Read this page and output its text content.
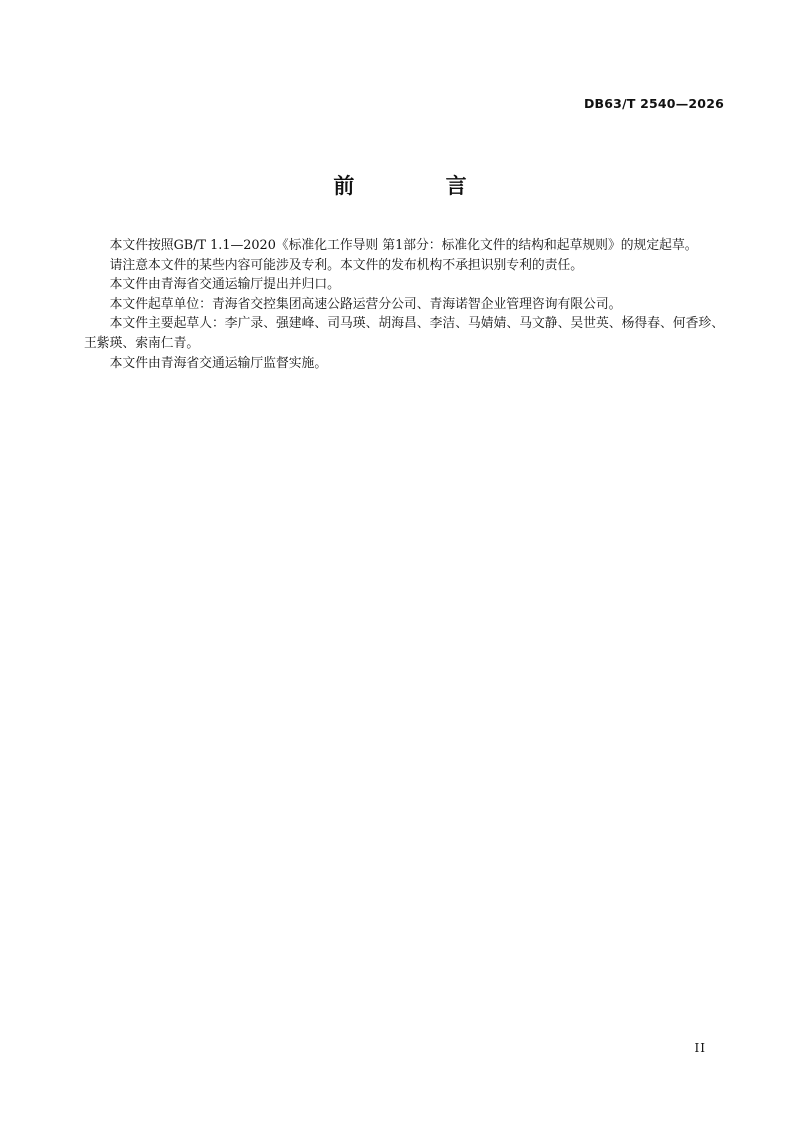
DB63/T 2540—2026
前 言

本文件按照GB/T 1.1—2020《标准化工作导则 第1部分：标准化文件的结构和起草规则》的规定起草。

请注意本文件的某些内容可能涉及专利。本文件的发布机构不承担识别专利的责任。

本文件由青海省交通运输厅提出并归口。

本文件起草单位：青海省交控集团高速公路运营分公司、青海诺智企业管理咨询有限公司。

本文件主要起草人：李广录、强建峰、司马瑛、胡海昌、李洁、马婧婧、马文静、吴世英、杨得春、何香珍、王紫瑛、索南仁青。

本文件由青海省交通运输厅监督实施。

II
